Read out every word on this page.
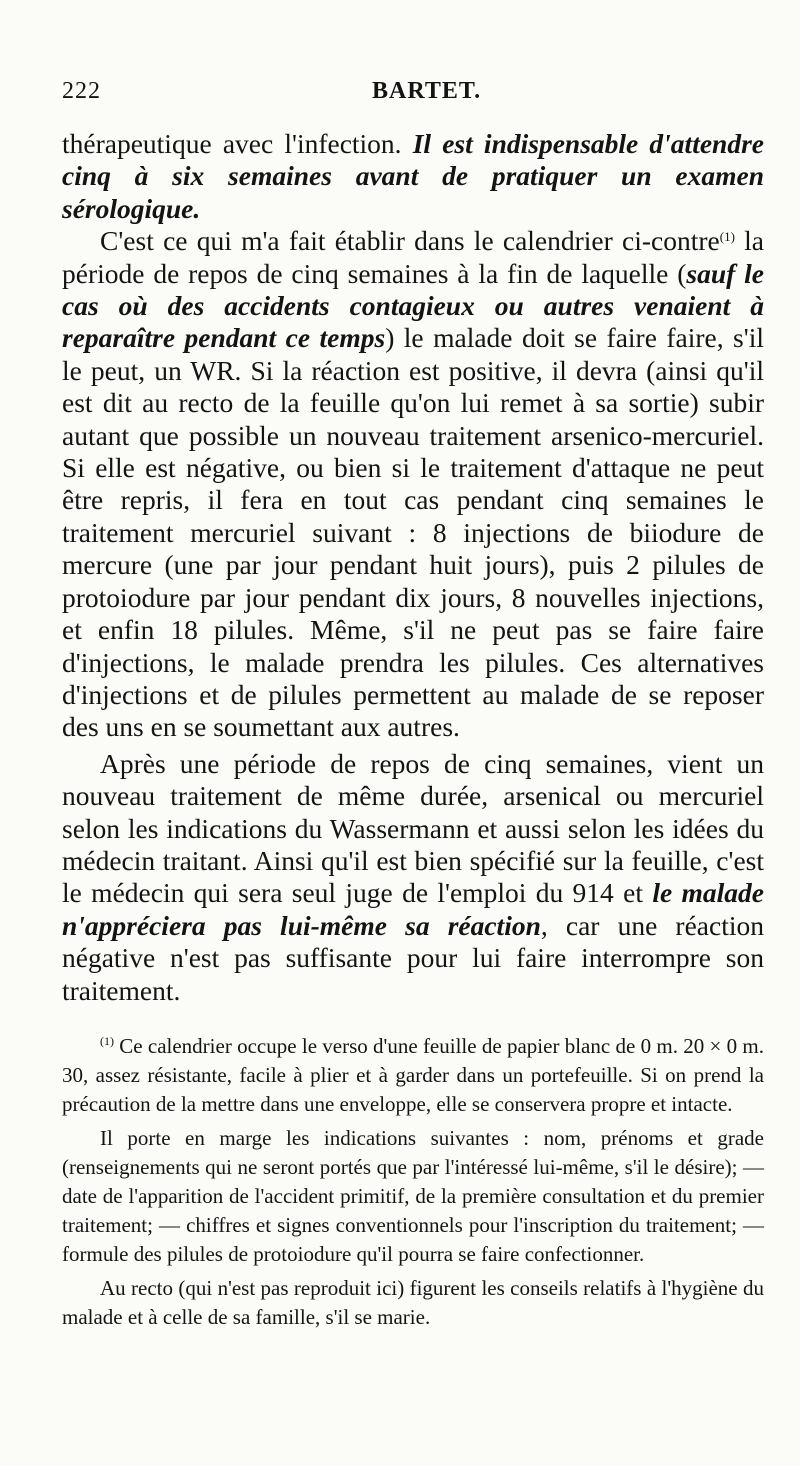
222	BARTET.

thérapeutique avec l'infection. Il est indispensable d'attendre cinq à six semaines avant de pratiquer un examen sérologique.

C'est ce qui m'a fait établir dans le calendrier ci-contre$^{(1)}$ la période de repos de cinq semaines à la fin de laquelle (sauf le cas où des accidents contagieux ou autres venaient à reparaître pendant ce temps) le malade doit se faire faire, s'il le peut, un WR. Si la réaction est positive, il devra (ainsi qu'il est dit au recto de la feuille qu'on lui remet à sa sortie) subir autant que possible un nouveau traitement arsenico-mercuriel. Si elle est négative, ou bien si le traitement d'attaque ne peut être repris, il fera en tout cas pendant cinq semaines le traitement mercuriel suivant : 8 injections de biiodure de mercure (une par jour pendant huit jours), puis 2 pilules de protoiodure par jour pendant dix jours, 8 nouvelles injections, et enfin 18 pilules. Même, s'il ne peut pas se faire faire d'injections, le malade prendra les pilules. Ces alternatives d'injections et de pilules permettent au malade de se reposer des uns en se soumettant aux autres.

Après une période de repos de cinq semaines, vient un nouveau traitement de même durée, arsenical ou mercuriel selon les indications du Wassermann et aussi selon les idées du médecin traitant. Ainsi qu'il est bien spécifié sur la feuille, c'est le médecin qui sera seul juge de l'emploi du 914 et le malade n'appréciera pas lui-même sa réaction, car une réaction négative n'est pas suffisante pour lui faire interrompre son traitement.

$^{(1)}$ Ce calendrier occupe le verso d'une feuille de papier blanc de 0 m. 20 × 0 m. 30, assez résistante, facile à plier et à garder dans un portefeuille. Si on prend la précaution de la mettre dans une enveloppe, elle se conservera propre et intacte.

Il porte en marge les indications suivantes : nom, prénoms et grade (renseignements qui ne seront portés que par l'intéressé lui-même, s'il le désire); — date de l'apparition de l'accident primitif, de la première consultation et du premier traitement; — chiffres et signes conventionnels pour l'inscription du traitement; — formule des pilules de protoiodure qu'il pourra se faire confectionner.

Au recto (qui n'est pas reproduit ici) figurent les conseils relatifs à l'hygiène du malade et à celle de sa famille, s'il se marie.
